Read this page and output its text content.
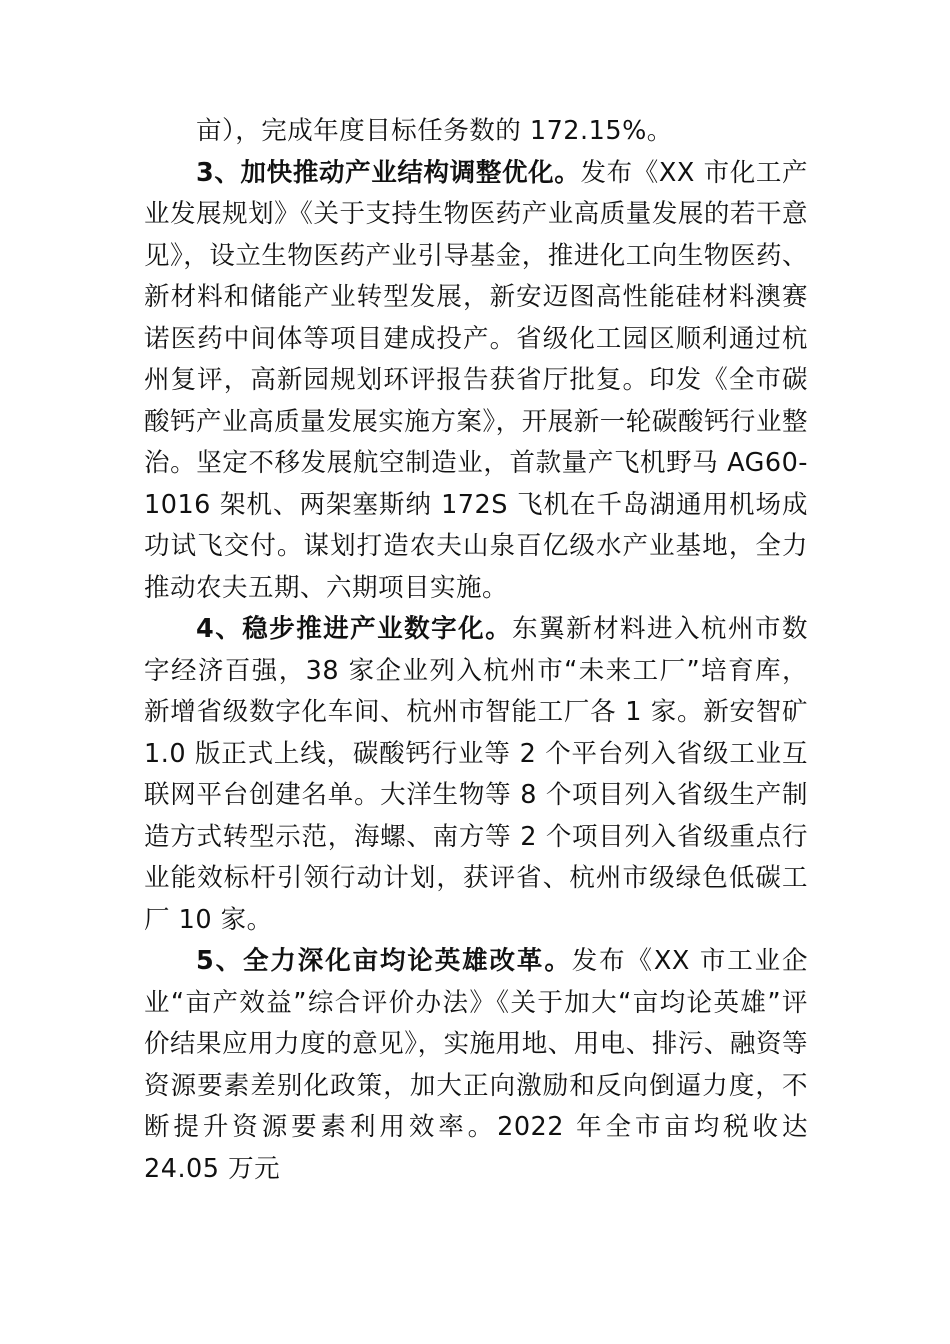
亩），完成年度目标任务数的 172.15%。

3、加快推动产业结构调整优化。发布《XX 市化工产业发展规划》《关于支持生物医药产业高质量发展的若干意见》，设立生物医药产业引导基金，推进化工向生物医药、新材料和储能产业转型发展，新安迈图高性能硅材料澳赛诺医药中间体等项目建成投产。省级化工园区顺利通过杭州复评，高新园规划环评报告获省厅批复。印发《全市碳酸钙产业高质量发展实施方案》，开展新一轮碳酸钙行业整治。坚定不移发展航空制造业，首款量产飞机野马 AG60-1016 架机、两架塞斯纳 172S 飞机在千岛湖通用机场成功试飞交付。谋划打造农夫山泉百亿级水产业基地，全力推动农夫五期、六期项目实施。

4、稳步推进产业数字化。东翼新材料进入杭州市数字经济百强，38 家企业列入杭州市“未来工厂”培育库，新增省级数字化车间、杭州市智能工厂各 1 家。新安智矿 1.0 版正式上线，碳酸钙行业等 2 个平台列入省级工业互联网平台创建名单。大洋生物等 8 个项目列入省级生产制造方式转型示范，海螺、南方等 2 个项目列入省级重点行业能效标杆引领行动计划，获评省、杭州市级绿色低碳工厂 10 家。

5、全力深化亩均论英雄改革。发布《XX 市工业企业“亩产效益”综合评价办法》《关于加大“亩均论英雄”评价结果应用力度的意见》，实施用地、用电、排污、融资等资源要素差别化政策，加大正向激励和反向倒逼力度，不断提升资源要素利用效率。2022 年全市亩均税收达 24.05 万元
